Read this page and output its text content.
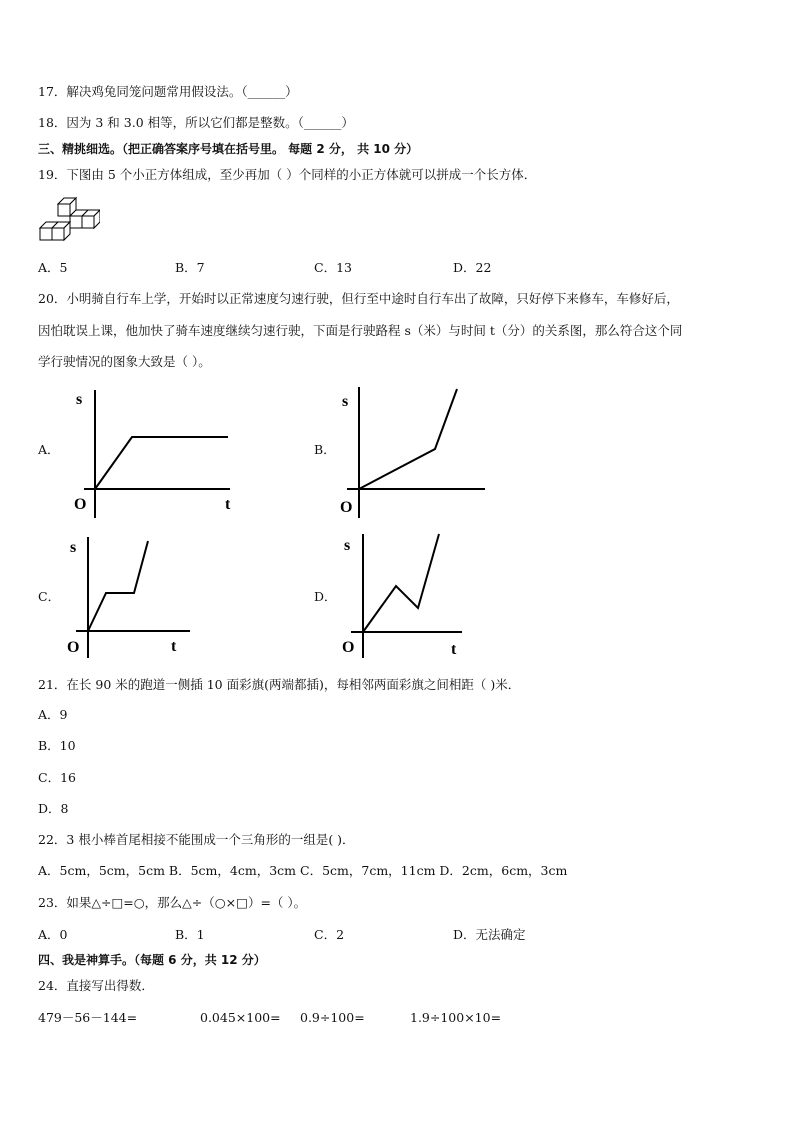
17．解决鸡兔同笼问题常用假设法。（______）
18．因为 3 和 3.0 相等，所以它们都是整数。（______）
三、精挑细选。（把正确答案序号填在括号里。 每题 2 分， 共 10 分）
19．下图由 5 个小正方体组成，至少再加（ ）个同样的小正方体就可以拼成一个长方体．
A．5	B．7	C．13	D．22
20．小明骑自行车上学，开始时以正常速度匀速行驶，但行至中途时自行车出了故障，只好停下来修车，车修好后，
因怕耽误上课，他加快了骑车速度继续匀速行驶，下面是行驶路程 s（米）与时间 t（分）的关系图，那么符合这个同
学行驶情况的图象大致是（ ）。
A．
s
O	t
B．
s
O
C．
s
O	t
D．
s
O	t
21．在长 90 米的跑道一侧插 10 面彩旗(两端都插)，每相邻两面彩旗之间相距（ )米．
A．9
B．10
C．16
D．8
22．3 根小棒首尾相接不能围成一个三角形的一组是( )．
A．5cm，5cm，5cm B．5cm，4cm，3cm C．5cm，7cm，11cm D．2cm，6cm，3cm
23．如果△÷□=○，那么△÷（○×□）=（ ）。
A．0	B．1	C．2	D．无法确定
四、我是神算手。（每题 6 分，共 12 分）
24．直接写出得数．
479－56－144=	0.045×100= 0.9÷100=	1.9÷100×10=
